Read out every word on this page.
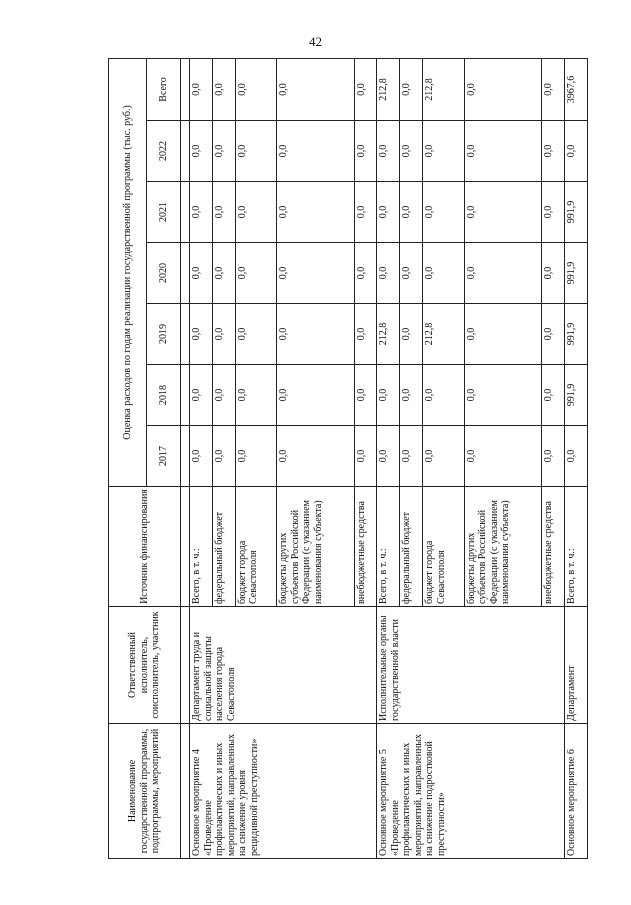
42
Наименование государственной программы, подпрограммы, мероприятий	Ответственный исполнитель, соисполнитель, участник	Источник финансирования	Оценка расходов по годам реализации государственной программы (тыс. руб.)						
			2017	2018	2019	2020	2021	2022	Всего

Основное мероприятие 4 «Проведение профилактических и иных мероприятий, направленных на снижение уровня рецидивной преступности»	Департамент труда и социальной защиты населения города Севастополя	Всего, в т. ч.:	0,0	0,0	0,0	0,0	0,0	0,0	0,0
		федеральный бюджет	0,0	0,0	0,0	0,0	0,0	0,0	0,0
		бюджет города Севастополя	0,0	0,0	0,0	0,0	0,0	0,0	0,0
		бюджеты других субъектов Российской Федерации (с указанием наименования субъекта)	0,0	0,0	0,0	0,0	0,0	0,0	0,0
		внебюджетные средства	0,0	0,0	0,0	0,0	0,0	0,0	0,0
Основное мероприятие 5 «Проведение профилактических и иных мероприятий, направленных на снижение подростковой преступности»	Исполнительные органы государственной власти	Всего, в т. ч.:	0,0	0,0	212,8	0,0	0,0	0,0	212,8
		федеральный бюджет	0,0	0,0	0,0	0,0	0,0	0,0	0,0
		бюджет города Севастополя	0,0	0,0	212,8	0,0	0,0	0,0	212,8
		бюджеты других субъектов Российской Федерации (с указанием наименования субъекта)	0,0	0,0	0,0	0,0	0,0	0,0	0,0
		внебюджетные средства	0,0	0,0	0,0	0,0	0,0	0,0	0,0
Основное мероприятие 6	Департамент	Всего, в т. ч.:	0,0	991,9	991,9	991,9	991,9	0,0	3967,6
